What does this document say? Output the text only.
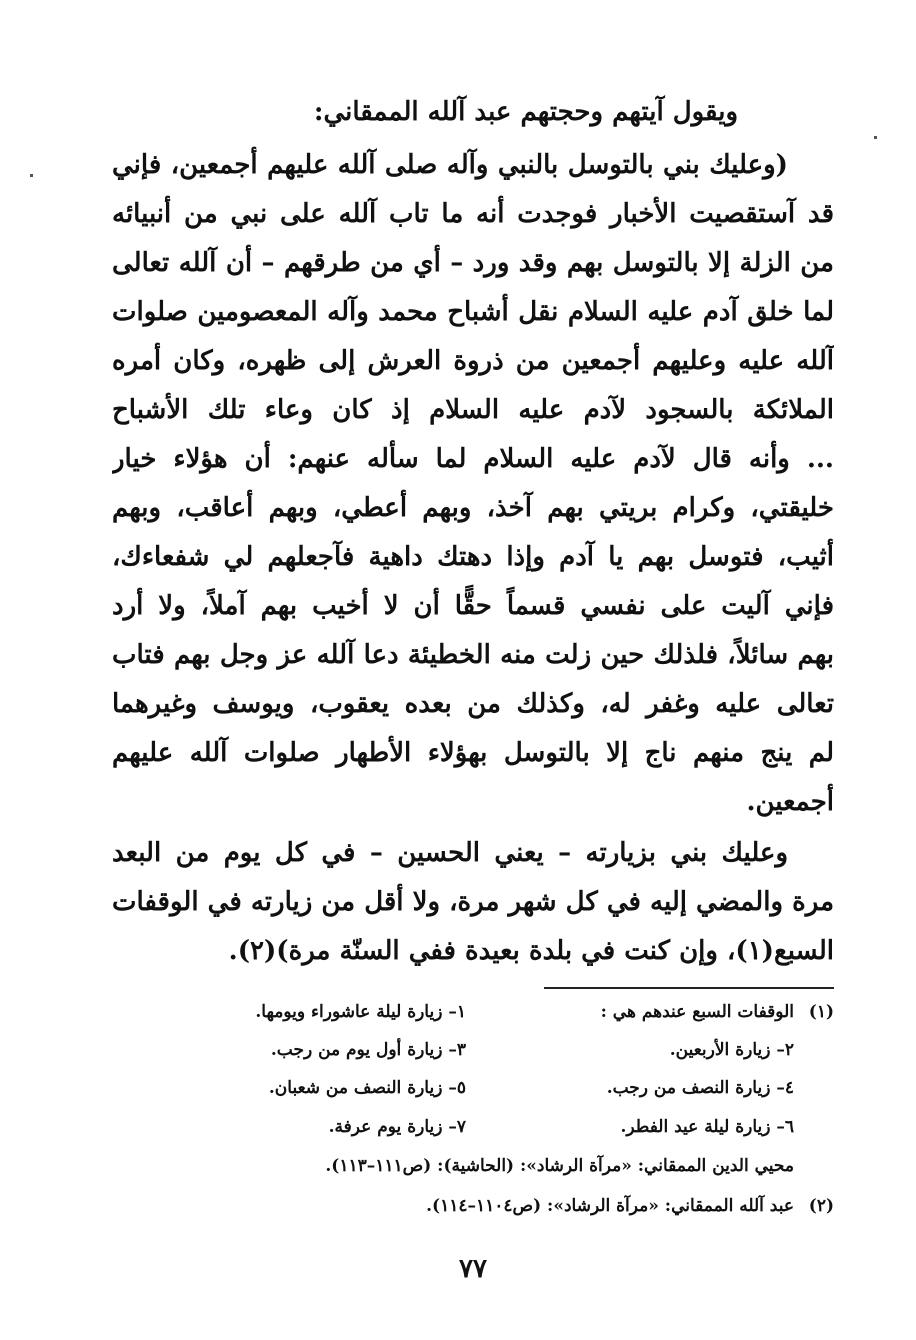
ويقول آيتهم وحجتهم عبد آلله الممقاني:
(وعليك بني بالتوسل بالنبي وآله صلى آلله عليهم أجمعين، فإني
قد آستقصيت الأخبار فوجدت أنه ما تاب آلله على نبي من أنبيائه
من الزلة إلا بالتوسل بهم وقد ورد – أي من طرقهم – أن آلله تعالى
لما خلق آدم عليه السلام نقل أشباح محمد وآله المعصومين صلوات
آلله عليه وعليهم أجمعين من ذروة العرش إلى ظهره، وكان أمره
الملائكة بالسجود لآدم عليه السلام إذ كان وعاء تلك الأشباح
... وأنه قال لآدم عليه السلام لما سأله عنهم: أن هؤلاء خيار
خليقتي، وكرام بريتي بهم آخذ، وبهم أعطي، وبهم أعاقب، وبهم
أثيب، فتوسل بهم يا آدم وإذا دهتك داهية فآجعلهم لي شفعاءك،
فإني آليت على نفسي قسماً حقًّا أن لا أخيب بهم آملاً، ولا أرد
بهم سائلاً، فلذلك حين زلت منه الخطيئة دعا آلله عز وجل بهم فتاب
تعالى عليه وغفر له، وكذلك من بعده يعقوب، ويوسف وغيرهما
لم ينج منهم ناج إلا بالتوسل بهؤلاء الأطهار صلوات آلله عليهم
أجمعين.
وعليك بني بزيارته – يعني الحسين – في كل يوم من البعد
مرة والمضي إليه في كل شهر مرة، ولا أقل من زيارته في الوقفات
السبع(١)، وإن كنت في بلدة بعيدة ففي السنّة مرة)(٢).
(١)
الوقفات السبع عندهم هي :
١– زيارة ليلة عاشوراء ويومها.
٢– زيارة الأربعين.
٣– زيارة أول يوم من رجب.
٤– زيارة النصف من رجب.
٥– زيارة النصف من شعبان.
٦– زيارة ليلة عيد الفطر.
٧– زيارة يوم عرفة.
محيي الدين الممقاني: «مرآة الرشاد»: (الحاشية): (ص١١١–١١٣).
(٢)
عبد آلله الممقاني: «مرآة الرشاد»: (ص١١٠٤–١١٤).
٧٧
